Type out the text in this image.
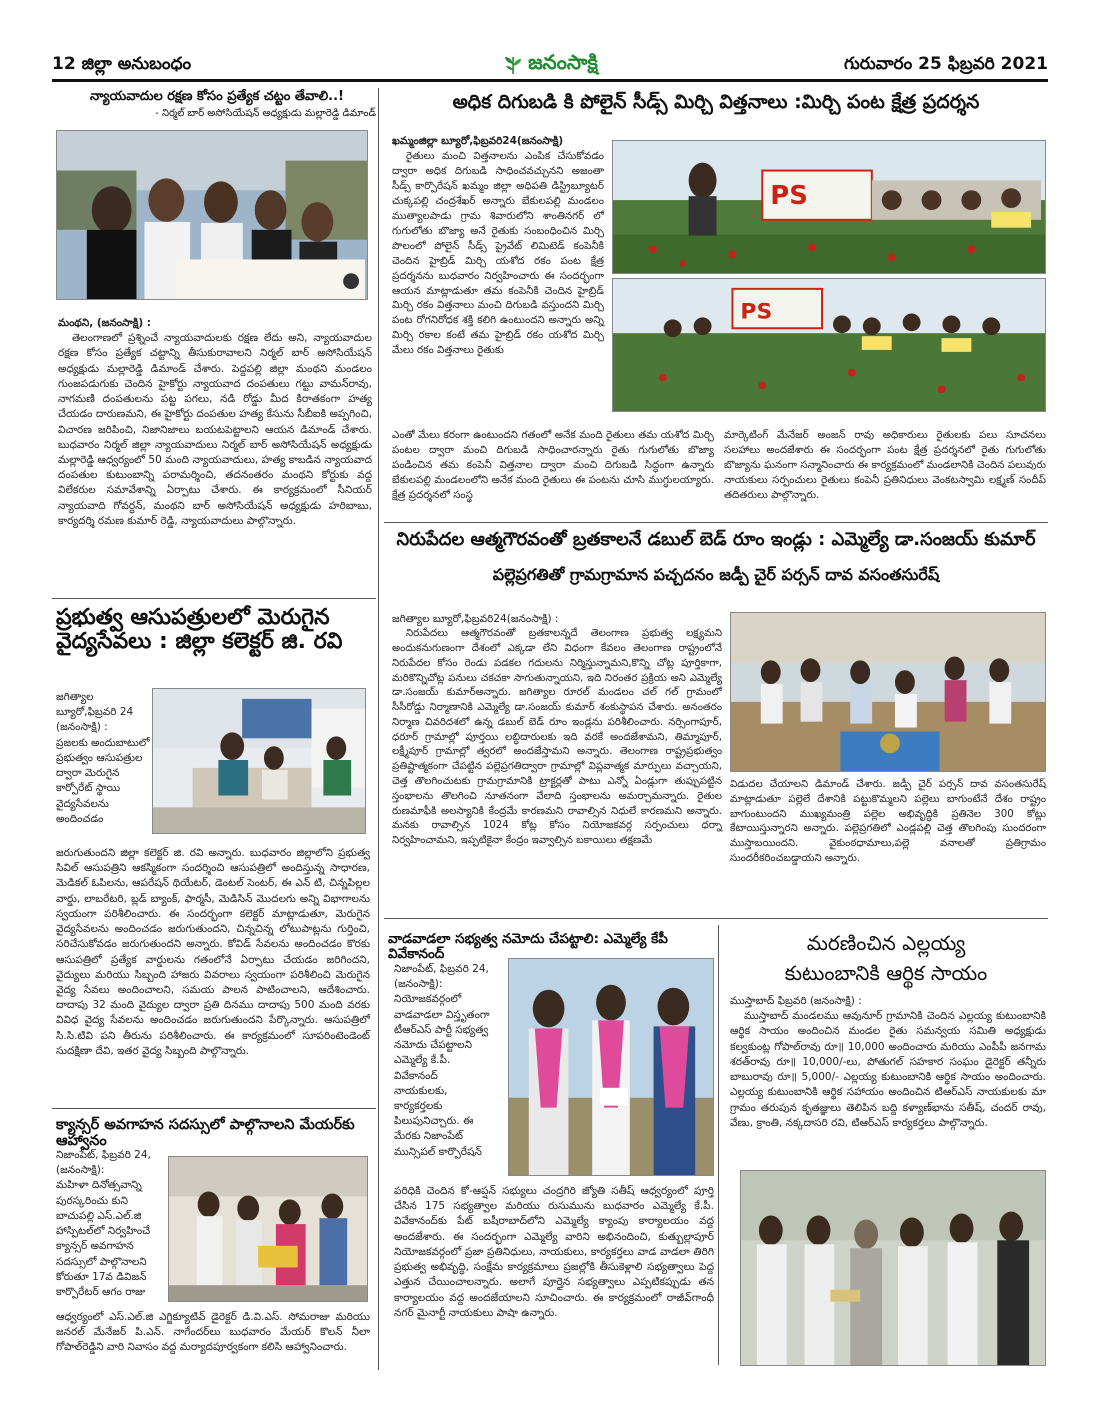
12 జిల్లా అనుబంధం	జనంసాక్షి	గురువారం 25 ఫిబ్రవరి 2021
న్యాయవాదుల రక్షణ కోసం ప్రత్యేక చట్టం తేవాలి..!
- నిర్మల్ బార్ అసోసియేషన్ అధ్యక్షుడు మల్లారెడ్డి డిమాండ్
మంథని, (జనంసాక్షి) :

తెలంగాణలో ప్రశ్నించే న్యాయవాదులకు రక్షణ లేదు అని, న్యాయవాదుల రక్షణ కోసం ప్రత్యేక చట్టాన్ని తీసుకురావాలని నిర్మల్ బార్ అసోసియేషన్ అధ్యక్షుడు మల్లారెడ్డి డిమాండ్ చేశారు. పెద్దపల్లి జిల్లా మంథని మండలం గుంజపడుగుకు చెందిన హైకోర్టు న్యాయవాద దంపతులు గట్టు వామన్‌రావు, నాగమణి దంపతులను పట్ట పగలు, నడి రోడ్డు మీద కిరాతకంగా హత్య చేయడం దారుణమని, ఈ హైకోర్టు దంపతుల హత్య కేసును సీబీఐకి అప్పగించి, విచారణ జరిపించి, నిజానిజాలు బయటపెట్టాలని ఆయన డిమాండ్ చేశారు. బుధవారం నిర్మల్ జిల్లా న్యాయవాదులు నిర్మల్ బార్ అసోసియేషన్ అధ్యక్షుడు మల్లారెడ్డి ఆధ్వర్యంలో 50 మంది న్యాయవాదులు, హత్య కాబడిన న్యాయవాద దంపతుల కుటుంబాన్ని పరామర్శించి, తదనంతరం మంథని కోర్టుకు వద్ద విలేకరుల సమావేశాన్ని ఏర్పాటు చేశారు. ఈ కార్యక్రమంలో సీనియర్ న్యాయవాది గోవర్ధన్, మంథని బార్ అసోసియేషన్ అధ్యక్షుడు హరిబాబు, కార్యదర్శి రమణ కుమార్ రెడ్డి, న్యాయవాదులు పాల్గొన్నారు.

అధిక దిగుబడి కి పోలైన్ సీడ్స్ మిర్చి విత్తనాలు :మిర్చి పంట క్షేత్ర ప్రదర్శన
ఖమ్మంజిల్లా బ్యూరో,ఫిబ్రవరి24(జనంసాక్షి)

రైతులు మంచి విత్తనాలను ఎంపిక చేసుకోవడం ద్వారా అధిక దిగుబడి సాధించవచ్చునని అజంతా సీడ్స్ కార్పొరేషన్ ఖమ్మం జిల్లా అధిపతి డిస్ట్రిబ్యూటర్ చుక్కపల్లి చంద్రశేఖర్ అన్నారు బేకులపల్లి మండలం ముత్యాలపాడు గ్రామ శివారులోని శాంతినగర్ లో గుగులోతు బొజ్యా అనే రైతుకు సంబంధించిన మిర్చి పొలంలో పోలైన్ సీడ్స్ ప్రైవేట్ లిమిటెడ్ కంపెనీకి చెందిన హైబ్రిడ్ మిర్చి యశోద రకం పంట క్షేత్ర ప్రదర్శనను బుధవారం నిర్వహించారు ఈ సందర్భంగా ఆయన మాట్లాడుతూ తమ కంపెనీకి చెందిన హైబ్రిడ్ మిర్చి రకం విత్తనాలు మంచి దిగుబడి వస్తుందని మిర్చి పంట రోగనిరోధక శక్తి కలిగి ఉంటుందని అన్నారు అన్ని మిర్చి రకాల కంటే తమ హైబ్రిడ్ రకం యశోద మిర్చి మేలు రకం విత్తనాలు రైతుకు

PS
PS
ఎంతో మేలు కరంగా ఉంటుందని గతంలో అనేక మంది రైతులు తమ యశోద మిర్చి పంటల ద్వారా మంచి దిగుబడి సాధించారన్నారు రైతు గుగులోతు బొజ్యా పండించిన తమ కంపెనీ విత్తనాల ద్వారా మంచి దిగుబడి సిద్ధంగా ఉన్నారు బేకులపల్లి మండలంలోని అనేక మంది రైతులు ఈ పంటను చూసి ముగ్ధులయ్యారు. క్షేత్ర ప్రదర్శనలో సంస్థ
మార్కెటింగ్ మేనేజర్ అంజన్ రావు అధికారులు రైతులకు పలు సూచనలు సలహాలు అందజేశారు ఈ సందర్భంగా పంట క్షేత్ర ప్రదర్శనలో రైతు గుగులోతు బొజ్యాను ఘనంగా సన్మానించారు ఈ కార్యక్రమంలో మండలానికి చెందిన పలువురు నాయకులు సర్పంచులు రైతులు కంపెనీ ప్రతినిధులు వెంకటస్వామి లక్ష్మణ్ సందీప్ తదితరులు పాల్గొన్నారు.
ప్రభుత్వ ఆసుపత్రులలో మెరుగైన వైద్యసేవలు : జిల్లా కలెక్టర్ జి. రవి
జగిత్యాల బ్యూరో,ఫిబ్రవరి 24 (జనంసాక్షి) :
ప్రజలకు అందుబాటులో ప్రభుత్వం ఆసుపత్రుల ద్వారా మెరుగైన కార్పోరేట్ స్థాయి వైద్యసేవలను అందించడం
జరుగుతుందని జిల్లా కలెక్టర్ జి. రవి అన్నారు. బుధవారం జిల్లాలోని ప్రభుత్వ సివిల్ ఆసుపత్రిని ఆకస్మికంగా సందర్శించి ఆసుపత్రిలో అందిస్తున్న సాధారణ, మెడికల్ ఓపిలను, ఆపరేషన్ థియేటర్, డెంటల్ సెంటర్, ఈ ఎన్ టి, చిన్నపిల్లల వార్డు, లాబరేటరి, బ్లడ్ బ్యాంక్, ఫార్మసీ, మెడిసిన్ మొదలగు అన్ని విభాగాలను స్వయంగా పరిశీలించారు. ఈ సందర్భంగా కలెక్టర్ మాట్లాడుతూ, మెరుగైన వైద్యసేవలను అందించడం జరుగుతుందని, చిన్నచిన్న లోటుపాట్లను గుర్తించి, సరిచేసుకోవడం జరుగుతుందని అన్నారు. కోవిడ్ సేవలను అందించడం కొరకు ఆసుపత్రిలో ప్రత్యేక వార్డులను గతంలోనే ఏర్పాటు చేయడం జరిగిందని, వైద్యులు మరియు సిబ్బంది హాజరు వివరాలు స్వయంగా పరిశీలించి మెరుగైన వైద్య సేవలు అందించాలని, సమయ పాలన పాటించాలని, ఆదేశించారు. దాదాపు 32 మంది వైద్యుల ద్వారా ప్రతి దినము దాదాపు 500 మంది వరకు వివిధ వైద్య సేవలను అందించడం జరుగుతుందని పేర్కొన్నారు. ఆసుపత్రిలో సి.సి.టివి పని తీరును పరిశీలించారు. ఈ కార్యక్రమంలో సూపరింటెండెంట్ సుదక్షిణా దేవి, ఇతర వైద్య సిబ్బంది పాల్గొన్నారు.
క్యాన్సర్ అవగాహన సదస్సులో పాల్గొనాలని మేయర్‌కు ఆహ్వానం
నిజాంపేట్, ఫిబ్రవరి 24, (జనంసాక్షి):
మహిళా దినోత్సవాన్ని పురస్కరించు కుని బాచుపల్లి ఎస్.ఎల్.జి హాస్పిటల్‌లో నిర్వహించే క్యాన్సర్ అవగాహన సదస్సులో పాల్గొనాలని కోరుతూ 17వ డివిజన్ కార్పొరేటర్ ఆగం రాజు
ఆధ్వర్యంలో ఎస్.ఎల్.జి ఎగ్జిక్యూటివ్ డైరెక్టర్ డి.వి.ఎస్. సోమరాజు మరియు జనరల్ మేనేజర్ పి.ఎన్. నాగేందర్‌లు బుధవారం మేయర్ కొలన్ నీలా గోపాల్‌రెడ్డిని వారి నివాసం వద్ద మర్యాదపూర్వకంగా కలిసి ఆహ్వానించారు.
నిరుపేదల ఆత్మగౌరవంతో బ్రతకాలనే డబుల్ బెడ్ రూం ఇండ్లు : ఎమ్మెల్యే డా.సంజయ్ కుమార్
పల్లెప్రగతితో గ్రామగ్రామాన పచ్చదనం జడ్పీ చైర్ పర్సన్ దావ వసంతసురేష్
జగిత్యాల బ్యూరో,ఫిబ్రవరి24(జనంసాక్షి) :

నిరుపేదలు ఆత్మగౌరవంతో బ్రతకాలన్నదే తెలంగాణ ప్రభుత్వ లక్ష్యమని అందుకనుగుణంగా దేశంలో ఎక్కడా లేని విధంగా కేవలం తెలంగాణ రాష్ట్రంలోనే నిరుపేదల కోసం రెండు పడకల గదులను నిర్మిస్తున్నామని,కొన్ని చోట్ల పూర్తికాగా, మరికొన్నిచోట్ల పనులు చకచకా సాగుతున్నాయని, ఇది నిరంతర ప్రక్రియ అని ఎమ్మెల్యే డా.సంజయ్ కుమార్‌అన్నారు. జగిత్యాల రూరల్ మండలం చల్ గల్ గ్రామంలో సీసీరోడ్డు నిర్మాణానికి ఎమ్మెల్యే డా.సంజయ్ కుమార్ శంకుస్థాపన చేశారు. అనంతరం నిర్మాణ చివరిదశలో ఉన్న డబుల్ బెడ్ రూం ఇండ్లను పరిశీలించారు. నర్సింగాపూర్, ధరూర్ గ్రామాల్లో పూర్తయి లబ్ధిదారులకు ఇది వరకే అందజేశామని, తిమ్మాపూర్, లక్ష్మీపూర్ గ్రామాల్లో త్వరలో అందజేస్తామని అన్నారు. తెలంగాణ రాష్ట్రప్రభుత్వం ప్రతిష్టాత్మకంగా చేపట్టిన పల్లెప్రగతిద్వారా గ్రామాల్లో విప్లవాత్మక మార్పులు వచ్చాయని, చెత్త తొలగించుటకు గ్రామగ్రామానికి ట్రాక్టర్లతో పాటు ఎన్నో ఏండ్లుగా తుప్పుపట్టిన స్తంభాలను తొలగించి నూతనంగా వేలాది స్తంభాలను అమర్చామన్నారు. రైతుల రుణమాఫీకి అలస్యానికి కేంద్రమే కారణమని రావాల్సిన నిధులే కారణమని అన్నారు. మనకు రావాల్సిన 1024 కోట్ల కోసం నియోజకవర్గ సర్పంచులు ధర్నా నిర్వహించామని, ఇప్పటికైనా కేంద్రం ఇవ్వాల్సిన బకాయిలు తక్షణమే

విడుదల చేయాలని డిమాండ్ చేశారు. జడ్పీ చైర్ పర్సన్ దావ వసంతసురేష్ మాట్లాడుతూ పల్లెలే దేశానికి పట్టుకొమ్మలని పల్లెలు బాగుంటేనే దేశం రాష్ట్రం బాగుంటుందని ముఖ్యమంత్రి పల్లెల అభివృద్ధికి ప్రతినెల 300 కోట్లు కేటాయిస్తున్నారని అన్నారు. పల్లెప్రగతిలో ఎండ్లపల్లి చెత్త తొలగింపు సుందరంగా ముస్తాబయిందని. వైకుంఠధామాలు,పల్లె వనాలతో ప్రతిగ్రామం సుందరీకరించబడ్డాయని అన్నారు.
వాడవాడలా సభ్యత్వ నమోదు చేపట్టాలి: ఎమ్మెల్యే కేపీ వివేకానంద్
నిజాంపేట్, ఫిబ్రవరి 24, (జనంసాక్షి):
నియోజకవర్గంలో వాడవాడలా విస్తృతంగా టీఆర్ఎస్ పార్టీ సభ్యత్వ నమోదు చేపట్టాలని ఎమ్మెల్యే కే.పీ. వివేకానంద్ నాయకులకు, కార్యకర్తలకు పిలుపునిచ్చారు. ఈ మేరకు నిజాంపేట్ మున్సిపల్ కార్పొరేషన్
పరిధికి చెందిన కో-ఆప్షన్ సభ్యులు చంద్రగిరి జ్యోతి సతీష్ ఆధ్వర్యంలో పూర్తి చేసిన 175 సభ్యత్వాల మరియు రుసుమును బుధవారం ఎమ్మెల్యే కే.పీ. వివేకానంద్‌కు పేట్ బషీరాబాద్‌లోని ఎమ్మెల్యే క్యాంపు కార్యాలయం వద్ద అందజేశారు. ఈ సందర్భంగా ఎమ్మెల్యే వారిని అభినందించి, కుత్బుల్లాపూర్ నియోజకవర్గంలో ప్రజా ప్రతినిధులు, నాయకులు, కార్యకర్తలు వాడ వాడలా తిరిగి ప్రభుత్వ అభివృద్ధి, సంక్షేమ కార్యక్రమాలు ప్రజల్లోకి తీసుకెళ్లాలి సభ్యత్వాలు పెద్ద ఎత్తున చేయించాలన్నారు. అలాగే పూర్తైన సభ్యత్వాలు ఎప్పటికప్పుడు తన కార్యాలయం వద్ద అందజేయాలని సూచించారు. ఈ కార్యక్రమంలో రాజీవ్‌గాంధీ నగర్ మైనార్టీ నాయకులు పాషా ఉన్నారు.
మరణించిన ఎల్లయ్య
కుటుంబానికి ఆర్థిక సాయం
ముస్తాబాద్ ఫిబ్రవరి (జనంసాక్షి) :

ముస్తాబాద్ మండలము ఆవునూర్ గ్రామానికి చెందిన ఎల్లయ్య కుటుంబానికి ఆర్థిక సాయం అందించిన మండల రైతు సమన్వయ సమితి అధ్యక్షుడు కల్వకుంట్ల గోపాల్‌రావు రూ॥ 10,000 అందించారు మరియు ఎంపీపీ జనగామ శరత్‌రావు రూ॥ 10,000/-లు, పోతుగల్ సహకార సంఘం డైరెక్టర్ తన్నీరు బాబురావు రూ॥ 5,000/- ఎల్లయ్య కుటుంబానికి ఆర్థిక సాయం అందించారు. ఎల్లయ్య కుటుంబానికి ఆర్థిక సహాయం అందించిన టిఆర్ఎస్ నాయకులకు మా గ్రామం తరుపున కృతజ్ఞులు తెలిపిన బద్ది కళ్యాణ్‌భాను సతీష్, చందర్ రావు, వేణు, క్రాంతి, నక్కదాసరి రవి, టిఆర్ఎస్ కార్యకర్తలు పాల్గొన్నారు.
